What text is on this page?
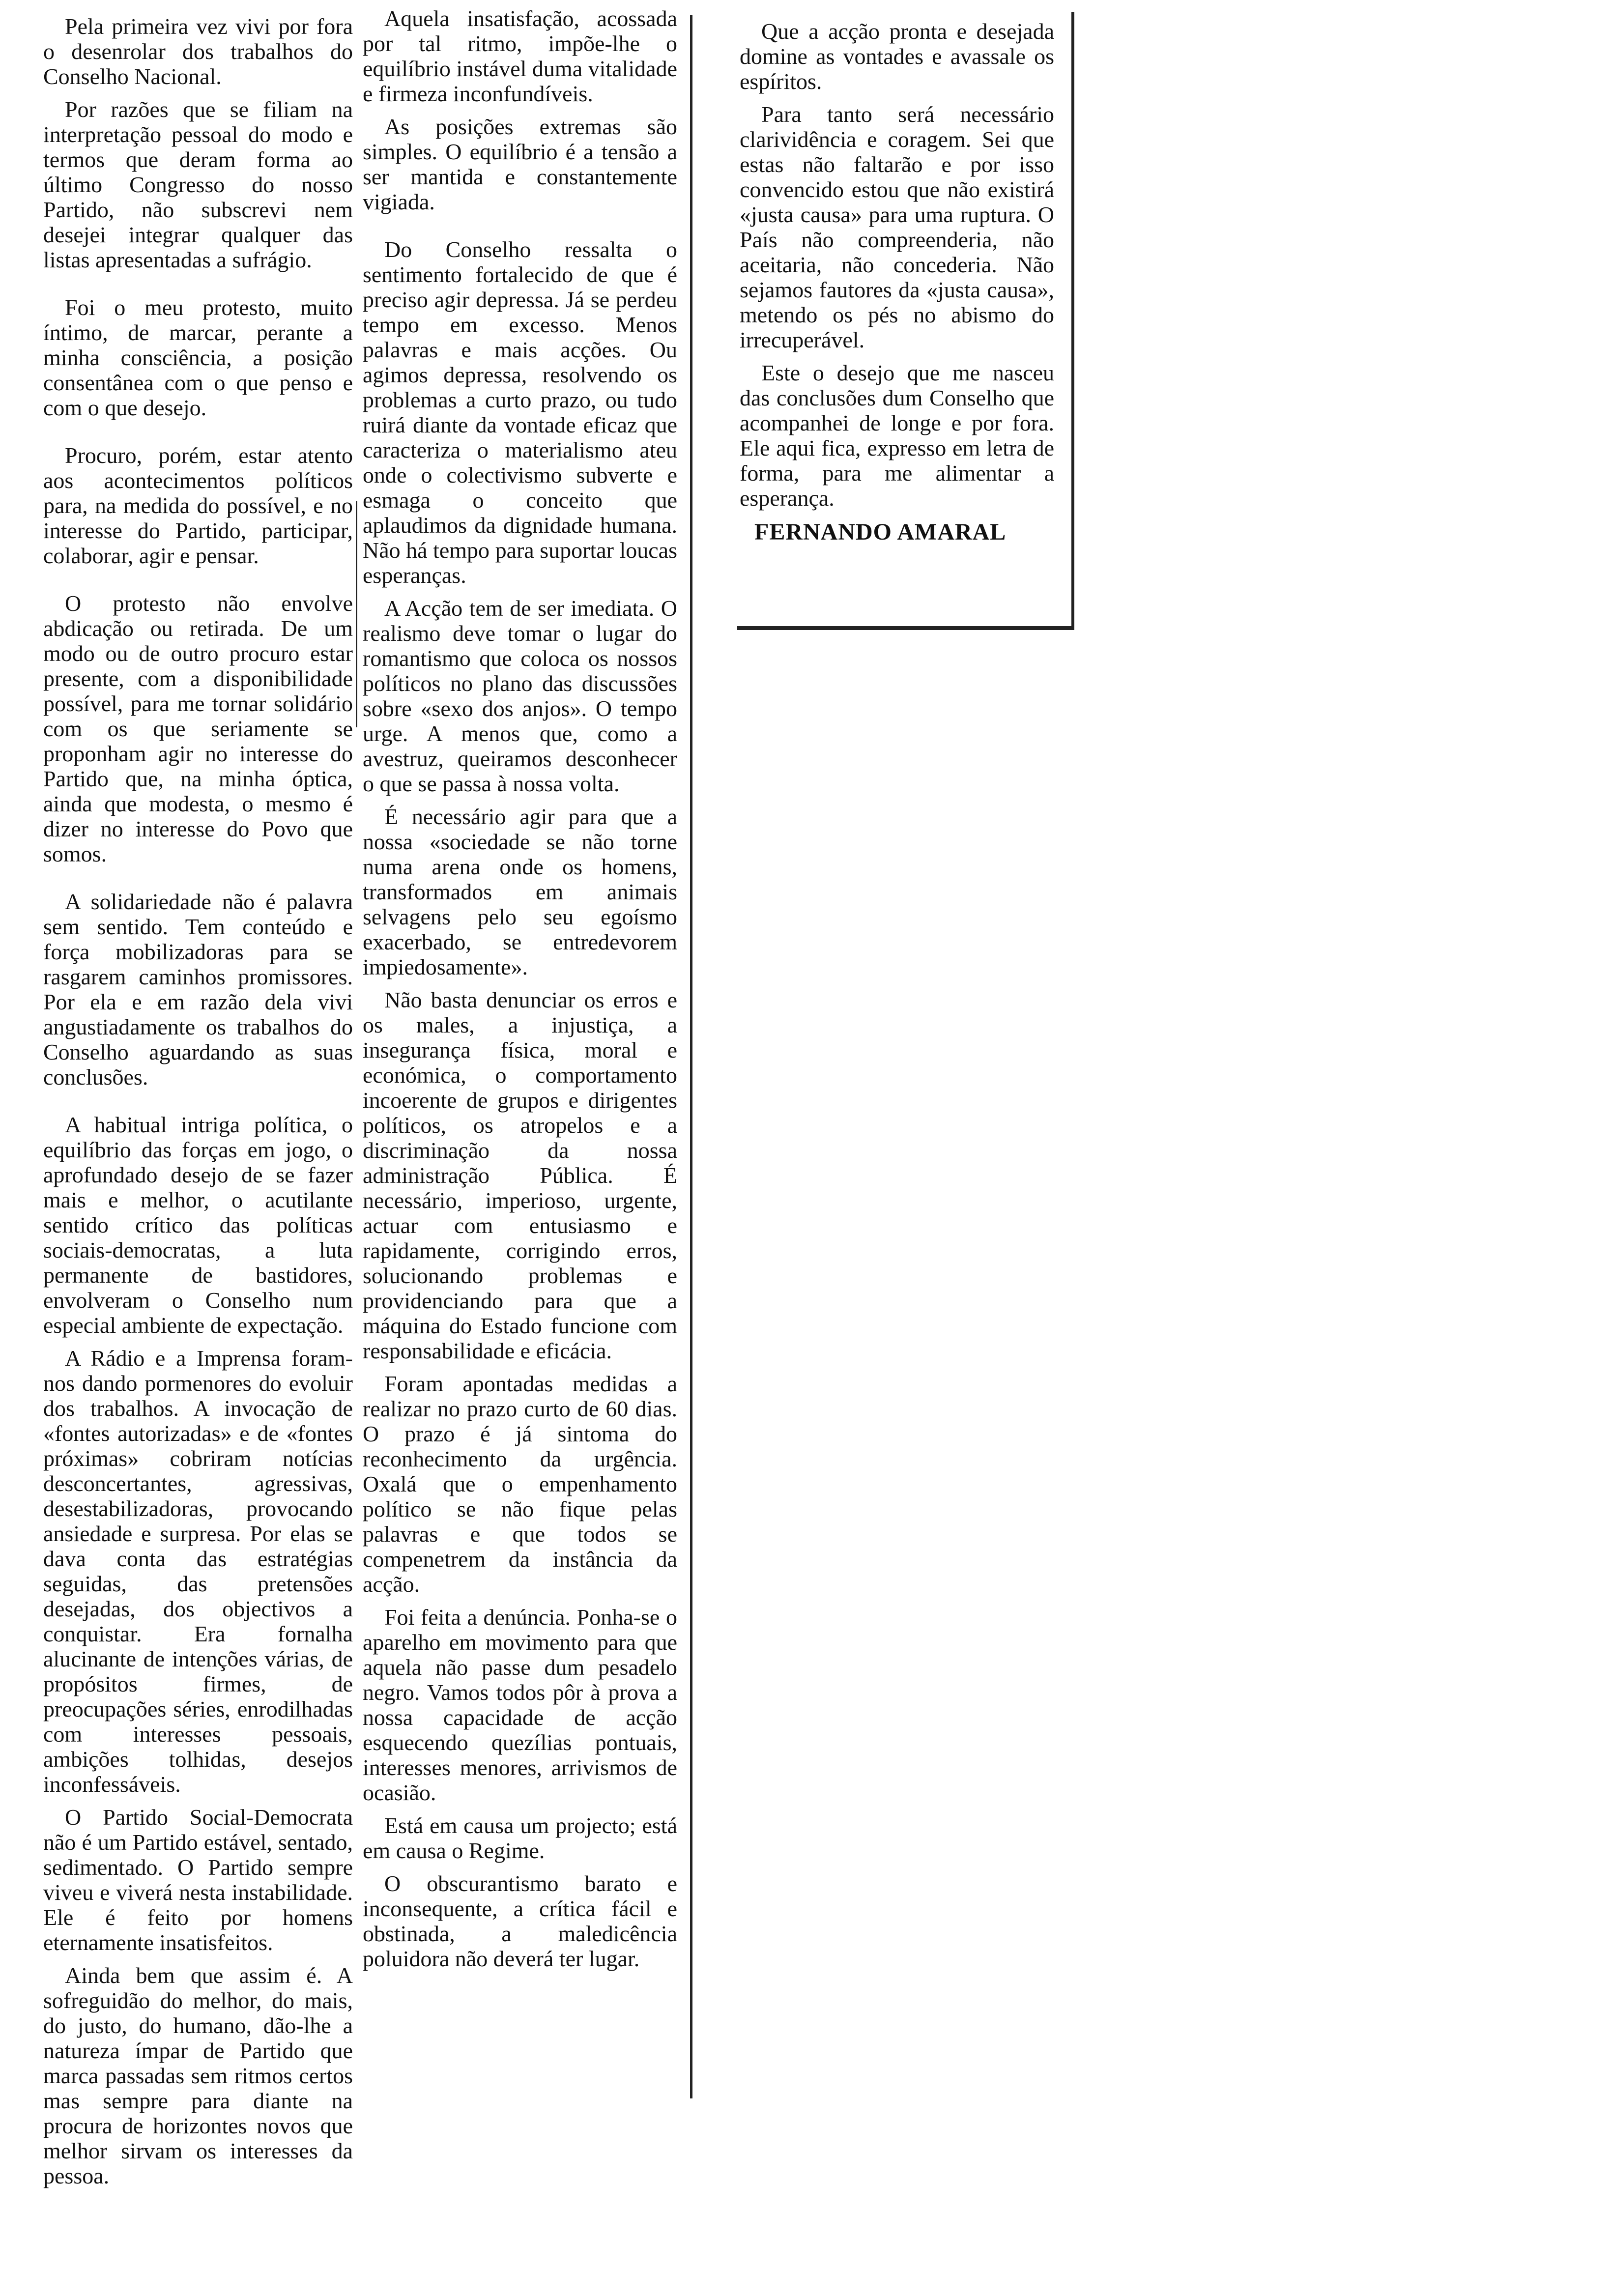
Pela primeira vez vivi por fora o desenrolar dos trabalhos do Conselho Nacional.

Por razões que se filiam na interpretação pessoal do modo e termos que deram forma ao último Congresso do nosso Partido, não subscrevi nem desejei integrar qualquer das listas apresentadas a sufrágio.

Foi o meu protesto, muito íntimo, de marcar, perante a minha consciência, a posição consentânea com o que penso e com o que desejo.

Procuro, porém, estar atento aos acontecimentos políticos para, na medida do possível, e no interesse do Partido, participar, colaborar, agir e pensar.

O protesto não envolve abdicação ou retirada. De um modo ou de outro procuro estar presente, com a disponibilidade possível, para me tornar solidário com os que seriamente se proponham agir no interesse do Partido que, na minha óptica, ainda que modesta, o mesmo é dizer no interesse do Povo que somos.

A solidariedade não é palavra sem sentido. Tem conteúdo e força mobilizadoras para se rasgarem caminhos promissores. Por ela e em razão dela vivi angustiadamente os trabalhos do Conselho aguardando as suas conclusões.

A habitual intriga política, o equilíbrio das forças em jogo, o aprofundado desejo de se fazer mais e melhor, o acutilante sentido crítico das políticas sociais-democratas, a luta permanente de bastidores, envolveram o Conselho num especial ambiente de expectação.

A Rádio e a Imprensa foram-nos dando pormenores do evoluir dos trabalhos. A invocação de «fontes autorizadas» e de «fontes próximas» cobriram notícias desconcertantes, agressivas, desestabilizadoras, provocando ansiedade e surpresa. Por elas se dava conta das estratégias seguidas, das pretensões desejadas, dos objectivos a conquistar. Era fornalha alucinante de intenções várias, de propósitos firmes, de preocupações séries, enrodilhadas com interesses pessoais, ambições tolhidas, desejos inconfessáveis.

O Partido Social-Democrata não é um Partido estável, sentado, sedimentado. O Partido sempre viveu e viverá nesta instabilidade. Ele é feito por homens eternamente insatisfeitos.

Ainda bem que assim é. A sofreguidão do melhor, do mais, do justo, do humano, dão-lhe a natureza ímpar de Partido que marca passadas sem ritmos certos mas sempre para diante na procura de horizontes novos que melhor sirvam os interesses da pessoa.

Aquela insatisfação, acossada por tal ritmo, impõe-lhe o equilíbrio instável duma vitalidade e firmeza inconfundíveis.

As posições extremas são simples. O equilíbrio é a tensão a ser mantida e constantemente vigiada.

Do Conselho ressalta o sentimento fortalecido de que é preciso agir depressa. Já se perdeu tempo em excesso. Menos palavras e mais acções. Ou agimos depressa, resolvendo os problemas a curto prazo, ou tudo ruirá diante da vontade eficaz que caracteriza o materialismo ateu onde o colectivismo subverte e esmaga o conceito que aplaudimos da dignidade humana. Não há tempo para suportar loucas esperanças.

A Acção tem de ser imediata. O realismo deve tomar o lugar do romantismo que coloca os nossos políticos no plano das discussões sobre «sexo dos anjos». O tempo urge. A menos que, como a avestruz, queiramos desconhecer o que se passa à nossa volta.

É necessário agir para que a nossa «sociedade se não torne numa arena onde os homens, transformados em animais selvagens pelo seu egoísmo exacerbado, se entredevorem impiedosamente».

Não basta denunciar os erros e os males, a injustiça, a insegurança física, moral e económica, o comportamento incoerente de grupos e dirigentes políticos, os atropelos e a discriminação da nossa administração Pública. É necessário, imperioso, urgente, actuar com entusiasmo e rapidamente, corrigindo erros, solucionando problemas e providenciando para que a máquina do Estado funcione com responsabilidade e eficácia.

Foram apontadas medidas a realizar no prazo curto de 60 dias. O prazo é já sintoma do reconhecimento da urgência. Oxalá que o empenhamento político se não fique pelas palavras e que todos se compenetrem da instância da acção.

Foi feita a denúncia. Ponha-se o aparelho em movimento para que aquela não passe dum pesadelo negro. Vamos todos pôr à prova a nossa capacidade de acção esquecendo quezílias pontuais, interesses menores, arrivismos de ocasião.

Está em causa um projecto; está em causa o Regime.

O obscurantismo barato e inconsequente, a crítica fácil e obstinada, a maledicência poluidora não deverá ter lugar.

Que a acção pronta e desejada domine as vontades e avassale os espíritos.

Para tanto será necessário clarividência e coragem. Sei que estas não faltarão e por isso convencido estou que não existirá «justa causa» para uma ruptura. O País não compreenderia, não aceitaria, não concederia. Não sejamos fautores da «justa causa», metendo os pés no abismo do irrecuperável.

Este o desejo que me nasceu das conclusões dum Conselho que acompanhei de longe e por fora. Ele aqui fica, expresso em letra de forma, para me alimentar a esperança.

FERNANDO AMARAL
